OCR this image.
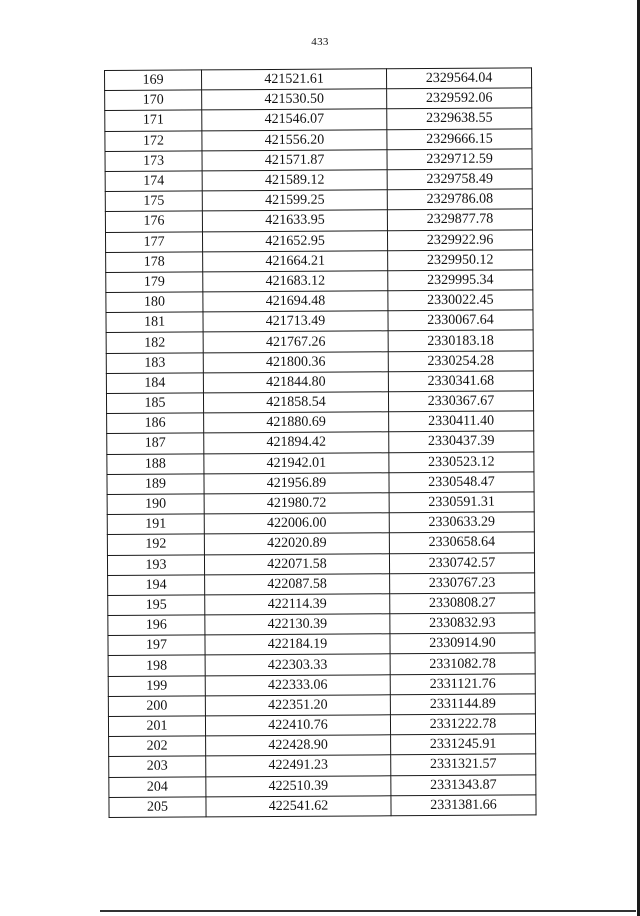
433
169	421521.61	2329564.04
170	421530.50	2329592.06
171	421546.07	2329638.55
172	421556.20	2329666.15
173	421571.87	2329712.59
174	421589.12	2329758.49
175	421599.25	2329786.08
176	421633.95	2329877.78
177	421652.95	2329922.96
178	421664.21	2329950.12
179	421683.12	2329995.34
180	421694.48	2330022.45
181	421713.49	2330067.64
182	421767.26	2330183.18
183	421800.36	2330254.28
184	421844.80	2330341.68
185	421858.54	2330367.67
186	421880.69	2330411.40
187	421894.42	2330437.39
188	421942.01	2330523.12
189	421956.89	2330548.47
190	421980.72	2330591.31
191	422006.00	2330633.29
192	422020.89	2330658.64
193	422071.58	2330742.57
194	422087.58	2330767.23
195	422114.39	2330808.27
196	422130.39	2330832.93
197	422184.19	2330914.90
198	422303.33	2331082.78
199	422333.06	2331121.76
200	422351.20	2331144.89
201	422410.76	2331222.78
202	422428.90	2331245.91
203	422491.23	2331321.57
204	422510.39	2331343.87
205	422541.62	2331381.66
